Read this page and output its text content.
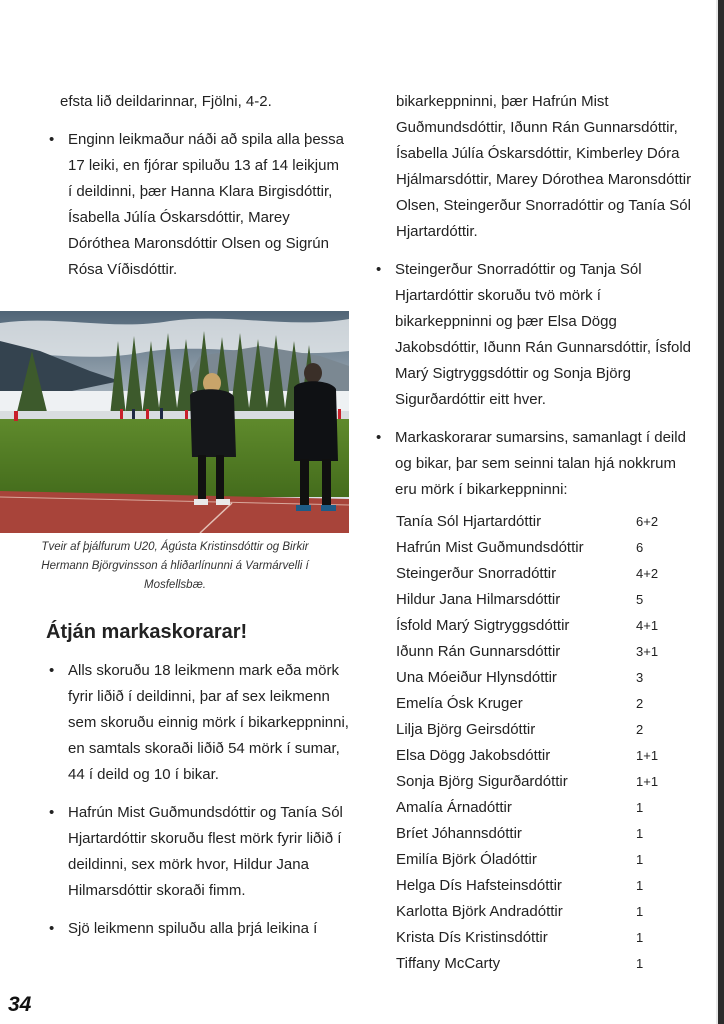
efsta lið deildarinnar, Fjölni, 4-2.
• Enginn leikmaður náði að spila alla þessa 17 leiki, en fjórar spiluðu 13 af 14 leikjum í deildinni, þær Hanna Klara Birgisdóttir, Ísabella Júlía Óskarsdóttir, Marey Dóróthea Maronsdóttir Olsen og Sigrún Rósa Víðisdóttir.
Tveir af þjálfurum U20, Ágústa Kristinsdóttir og Birkir Hermann Björgvinsson á hliðarlínunni á Varmárvelli í Mosfellsbæ.
Átján markaskorarar!
• Alls skoruðu 18 leikmenn mark eða mörk fyrir liðið í deildinni, þar af sex leikmenn sem skoruðu einnig mörk í bikarkeppninni, en samtals skoraði liðið 54 mörk í sumar, 44 í deild og 10 í bikar.
• Hafrún Mist Guðmundsdóttir og Tanía Sól Hjartardóttir skoruðu flest mörk fyrir liðið í deildinni, sex mörk hvor, Hildur Jana Hilmarsdóttir skoraði fimm.
• Sjö leikmenn spiluðu alla þrjá leikina í
bikarkeppninni, þær Hafrún Mist Guðmundsdóttir, Iðunn Rán Gunnarsdóttir, Ísabella Júlía Óskarsdóttir, Kimberley Dóra Hjálmarsdóttir, Marey Dórothea Maronsdóttir Olsen, Steingerður Snorradóttir og Tanía Sól Hjartardóttir.
• Steingerður Snorradóttir og Tanja Sól Hjartardóttir skoruðu tvö mörk í bikarkeppninni og þær Elsa Dögg Jakobsdóttir, Iðunn Rán Gunnarsdóttir, Ísfold Marý Sigtryggsdóttir og Sonja Björg Sigurðardóttir eitt hver.
• Markaskorarar sumarsins, samanlagt í deild og bikar, þar sem seinni talan hjá nokkrum eru mörk í bikarkeppninni:
Tanía Sól Hjartardóttir	6+2
Hafrún Mist Guðmundsdóttir	6
Steingerður Snorradóttir	4+2
Hildur Jana Hilmarsdóttir	5
Ísfold Marý Sigtryggsdóttir	4+1
Iðunn Rán Gunnarsdóttir	3+1
Una Móeiður Hlynsdóttir	3
Emelía Ósk Kruger	2
Lilja Björg Geirsdóttir	2
Elsa Dögg Jakobsdóttir	1+1
Sonja Björg Sigurðardóttir	1+1
Amalía Árnadóttir	1
Bríet Jóhannsdóttir	1
Emilía Björk Óladóttir	1
Helga Dís Hafsteinsdóttir	1
Karlotta Björk Andradóttir	1
Krista Dís Kristinsdóttir	1
Tiffany McCarty	1
34
